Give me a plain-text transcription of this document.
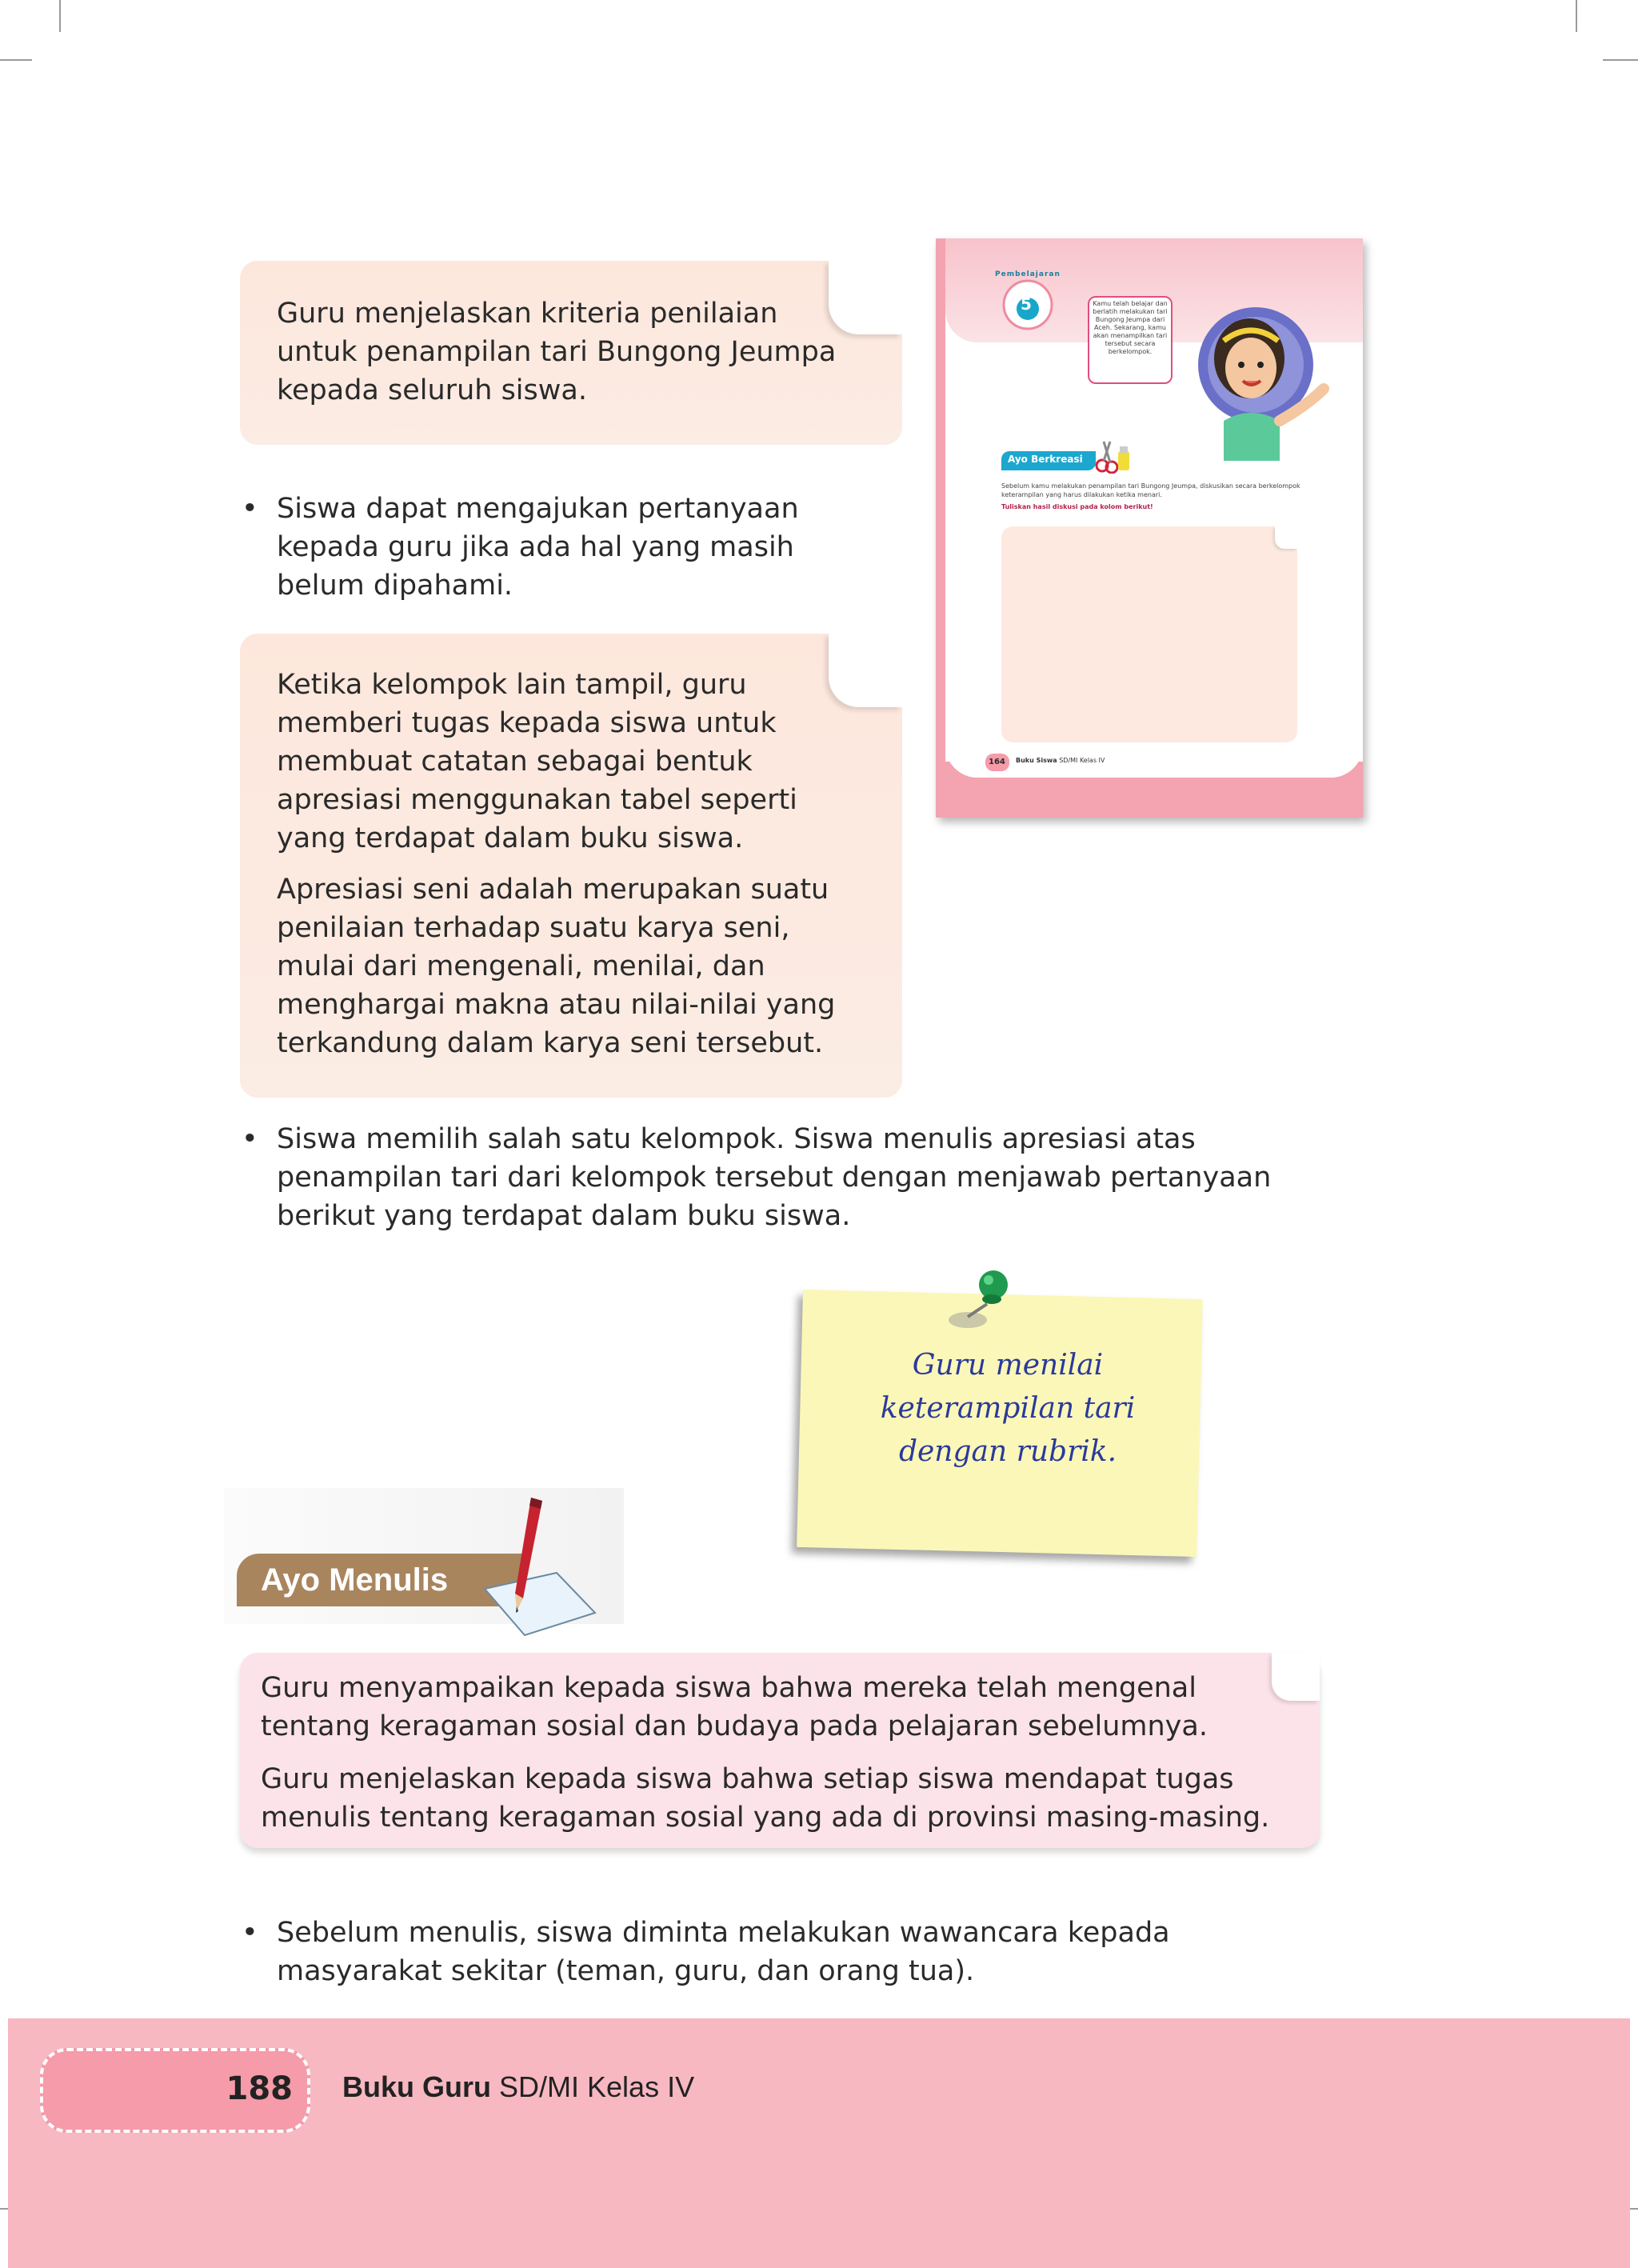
Guru menjelaskan kriteria penilaian untuk penampilan tari Bungong Jeumpa kepada seluruh siswa.

• Siswa dapat mengajukan pertanyaan kepada guru jika ada hal yang masih belum dipahami.

Ketika kelompok lain tampil, guru memberi tugas kepada siswa untuk membuat catatan sebagai bentuk apresiasi menggunakan tabel seperti yang terdapat dalam buku siswa.

Apresiasi seni adalah merupakan suatu penilaian terhadap suatu karya seni, mulai dari mengenali, menilai, dan menghargai makna atau nilai-nilai yang terkandung dalam karya seni tersebut.

5
Pembelajaran
Kamu telah belajar dan berlatih melakukan tari Bungong Jeumpa dari Aceh. Sekarang, kamu akan menampilkan tari tersebut secara berkelompok.
Ayo Berkreasi
Sebelum kamu melakukan penampilan tari Bungong Jeumpa, diskusikan secara berkelompok keterampilan yang harus dilakukan ketika menari.
Tuliskan hasil diskusi pada kolom berikut!
164 Buku Siswa SD/MI Kelas IV
• Siswa memilih salah satu kelompok. Siswa menulis apresiasi atas penampilan tari dari kelompok tersebut dengan menjawab pertanyaan berikut yang terdapat dalam buku siswa.
Guru menilai
keterampilan tari
dengan rubrik.
Ayo Menulis

Guru menyampaikan kepada siswa bahwa mereka telah mengenal tentang keragaman sosial dan budaya pada pelajaran sebelumnya.

Guru menjelaskan kepada siswa bahwa setiap siswa mendapat tugas menulis tentang keragaman sosial yang ada di provinsi masing-masing.

• Sebelum menulis, siswa diminta melakukan wawancara kepada masyarakat sekitar (teman, guru, dan orang tua).
188 Buku Guru SD/MI Kelas IV
